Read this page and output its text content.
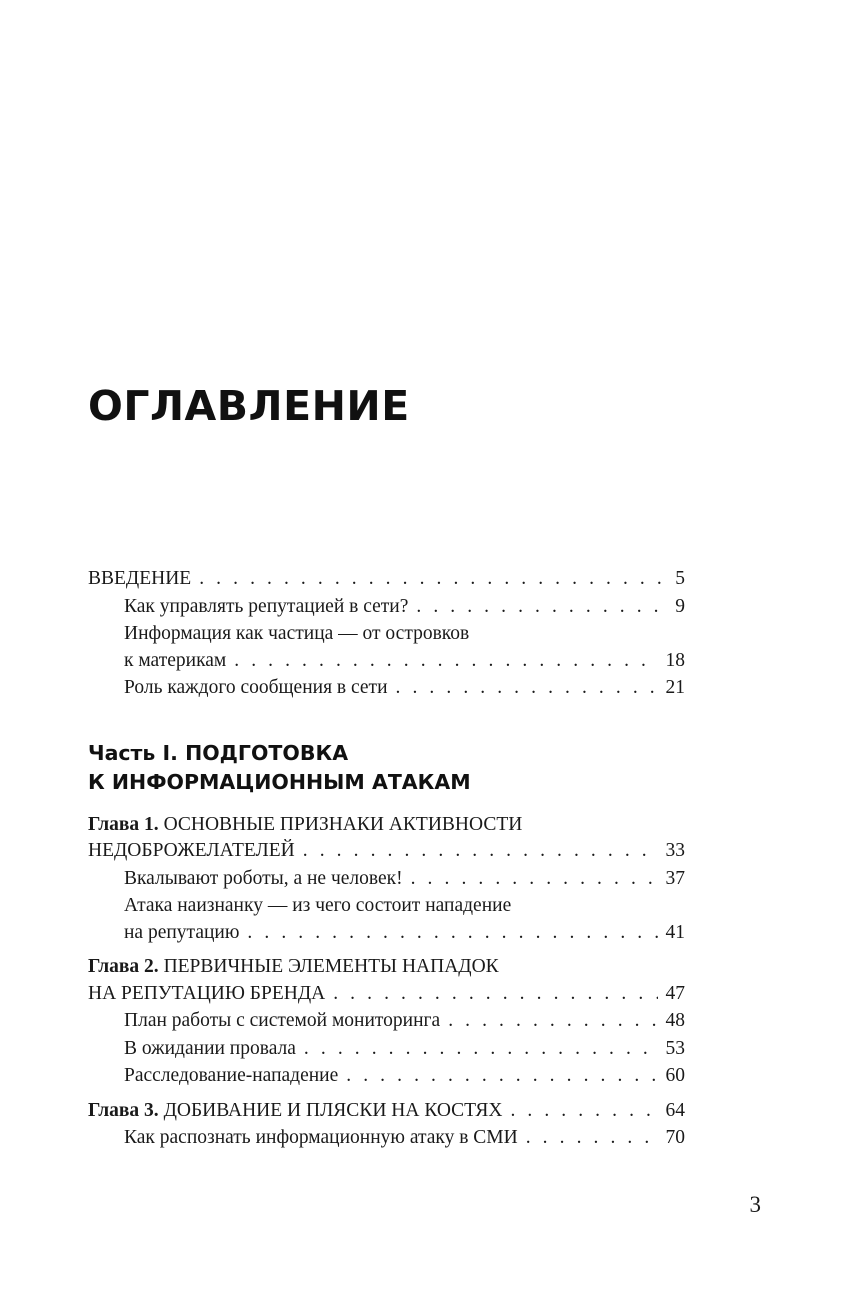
ОГЛАВЛЕНИЕ
ВВЕДЕНИЕ . . .	5
Как управлять репутацией в сети? . . .	9
Информация как частица — от островков
к материкам . . .	18
Роль каждого сообщения в сети . . .	21
Часть I. ПОДГОТОВКА
К ИНФОРМАЦИОННЫМ АТАКАМ
Глава 1. ОСНОВНЫЕ ПРИЗНАКИ АКТИВНОСТИ
НЕДОБРОЖЕЛАТЕЛЕЙ . . .	33
Вкалывают роботы, а не человек! . . .	37
Атака наизнанку — из чего состоит нападение
на репутацию . . .	41
Глава 2. ПЕРВИЧНЫЕ ЭЛЕМЕНТЫ НАПАДОК
НА РЕПУТАЦИЮ БРЕНДА . . .	47
План работы с системой мониторинга . . .	48
В ожидании провала . . .	53
Расследование-нападение . . .	60
Глава 3. ДОБИВАНИЕ И ПЛЯСКИ НА КОСТЯХ . . .	64
Как распознать информационную атаку в СМИ . . .	70
3
